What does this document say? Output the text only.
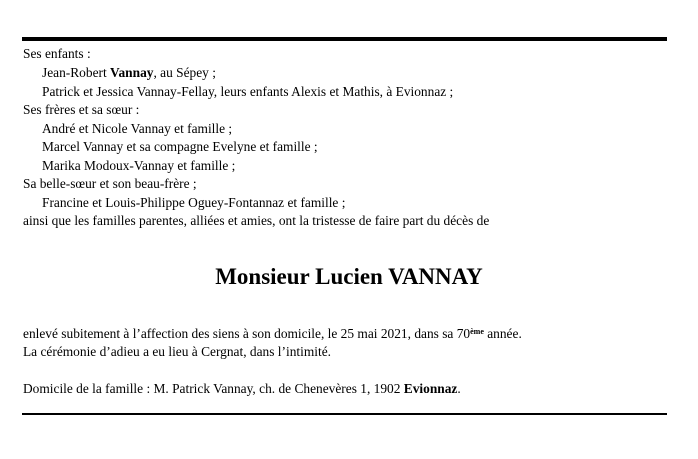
Ses enfants :
Jean-Robert Vannay, au Sépey ;
Patrick et Jessica Vannay-Fellay, leurs enfants Alexis et Mathis, à Evionnaz ;
Ses frères et sa sœur :
André et Nicole Vannay et famille ;
Marcel Vannay et sa compagne Evelyne et famille ;
Marika Modoux-Vannay et famille ;
Sa belle-sœur et son beau-frère ;
Francine et Louis-Philippe Oguey-Fontannaz et famille ;
ainsi que les familles parentes, alliées et amies, ont la tristesse de faire part du décès de
Monsieur Lucien VANNAY
enlevé subitement à l’affection des siens à son domicile, le 25 mai 2021, dans sa 70ème année.
La cérémonie d’adieu a eu lieu à Cergnat, dans l’intimité.
Domicile de la famille : M. Patrick Vannay, ch. de Chenevères 1, 1902 Evionnaz.
